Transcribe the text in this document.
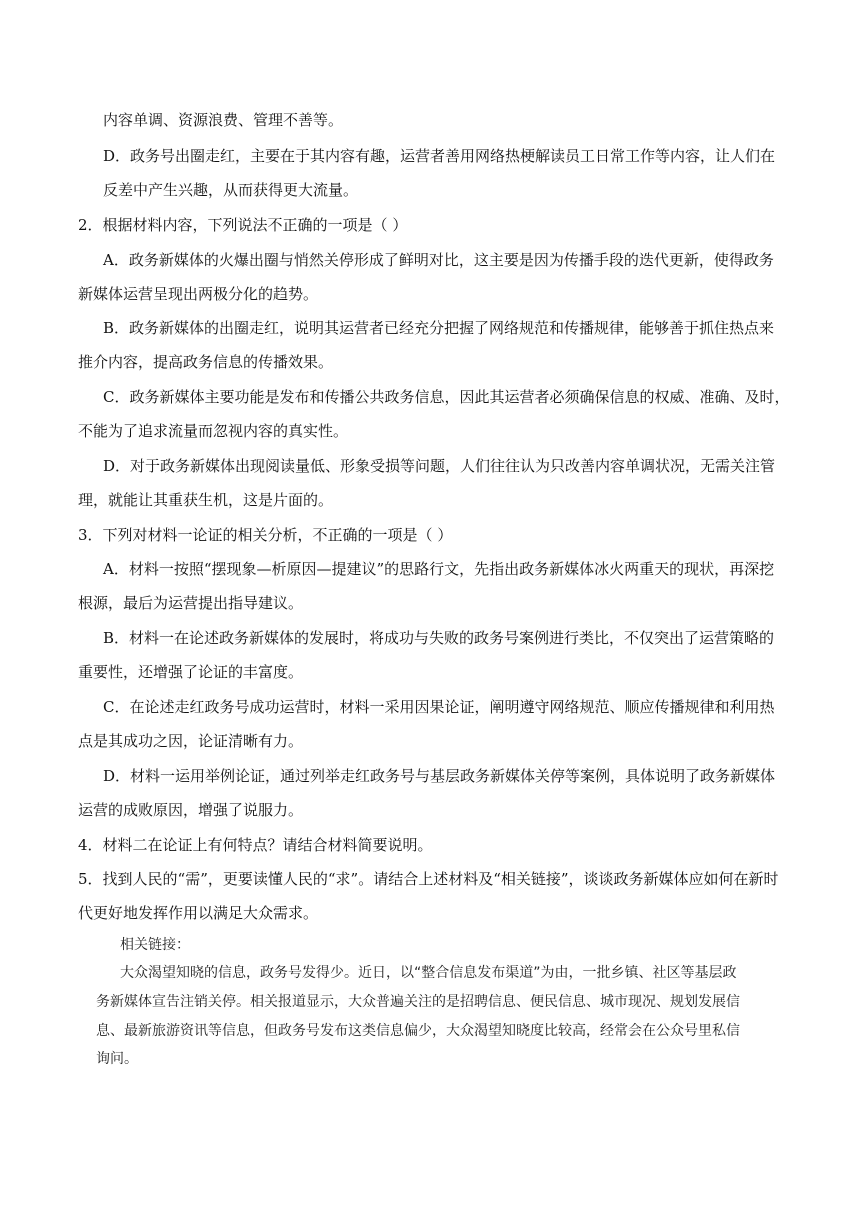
内容单调、资源浪费、管理不善等。
D．政务号出圈走红，主要在于其内容有趣，运营者善用网络热梗解读员工日常工作等内容，让人们在
反差中产生兴趣，从而获得更大流量。
2．根据材料内容，下列说法不正确的一项是（ ）
A．政务新媒体的火爆出圈与悄然关停形成了鲜明对比，这主要是因为传播手段的迭代更新，使得政务
新媒体运营呈现出两极分化的趋势。
B．政务新媒体的出圈走红，说明其运营者已经充分把握了网络规范和传播规律，能够善于抓住热点来
推介内容，提高政务信息的传播效果。
C．政务新媒体主要功能是发布和传播公共政务信息，因此其运营者必须确保信息的权威、准确、及时，
不能为了追求流量而忽视内容的真实性。
D．对于政务新媒体出现阅读量低、形象受损等问题，人们往往认为只改善内容单调状况，无需关注管
理，就能让其重获生机，这是片面的。
3．下列对材料一论证的相关分析，不正确的一项是（ ）
A．材料一按照“摆现象—析原因—提建议”的思路行文，先指出政务新媒体冰火两重天的现状，再深挖
根源，最后为运营提出指导建议。
B．材料一在论述政务新媒体的发展时，将成功与失败的政务号案例进行类比，不仅突出了运营策略的
重要性，还增强了论证的丰富度。
C．在论述走红政务号成功运营时，材料一采用因果论证，阐明遵守网络规范、顺应传播规律和利用热
点是其成功之因，论证清晰有力。
D．材料一运用举例论证，通过列举走红政务号与基层政务新媒体关停等案例，具体说明了政务新媒体
运营的成败原因，增强了说服力。
4．材料二在论证上有何特点？请结合材料简要说明。
5．找到人民的“需”，更要读懂人民的“求”。请结合上述材料及“相关链接”，谈谈政务新媒体应如何在新时
代更好地发挥作用以满足大众需求。
相关链接：
大众渴望知晓的信息，政务号发得少。近日，以“整合信息发布渠道”为由，一批乡镇、社区等基层政
务新媒体宣告注销关停。相关报道显示，大众普遍关注的是招聘信息、便民信息、城市现况、规划发展信
息、最新旅游资讯等信息，但政务号发布这类信息偏少，大众渴望知晓度比较高，经常会在公众号里私信
询问。
